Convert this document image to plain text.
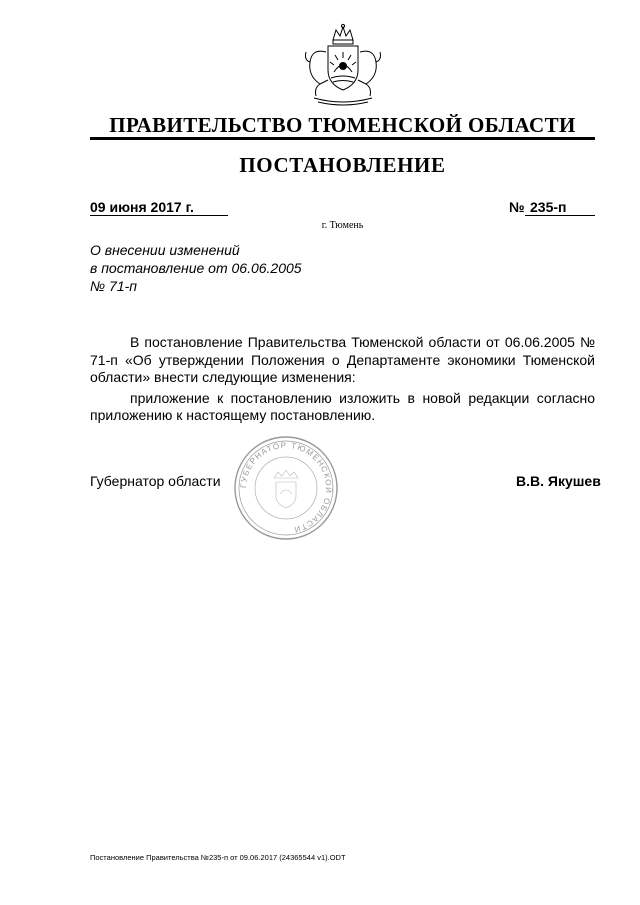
ПРАВИТЕЛЬСТВО ТЮМЕНСКОЙ ОБЛАСТИ
ПОСТАНОВЛЕНИЕ
09 июня 2017 г.	№ 235-п
г. Тюмень
О внесении изменений
в постановление от 06.06.2005
№ 71-п

В постановление Правительства Тюменской области от 06.06.2005 № 71-п «Об утверждении Положения о Департаменте экономики Тюменской области» внести следующие изменения:

приложение к постановлению изложить в новой редакции согласно приложению к настоящему постановлению.

ГУБЕРНАТОР ТЮМЕНСКОЙ ОБЛАСТИ
Губернатор области	В.В. Якушев
Постановление Правительства №235-п от 09.06.2017 (24365544 v1).ODT
